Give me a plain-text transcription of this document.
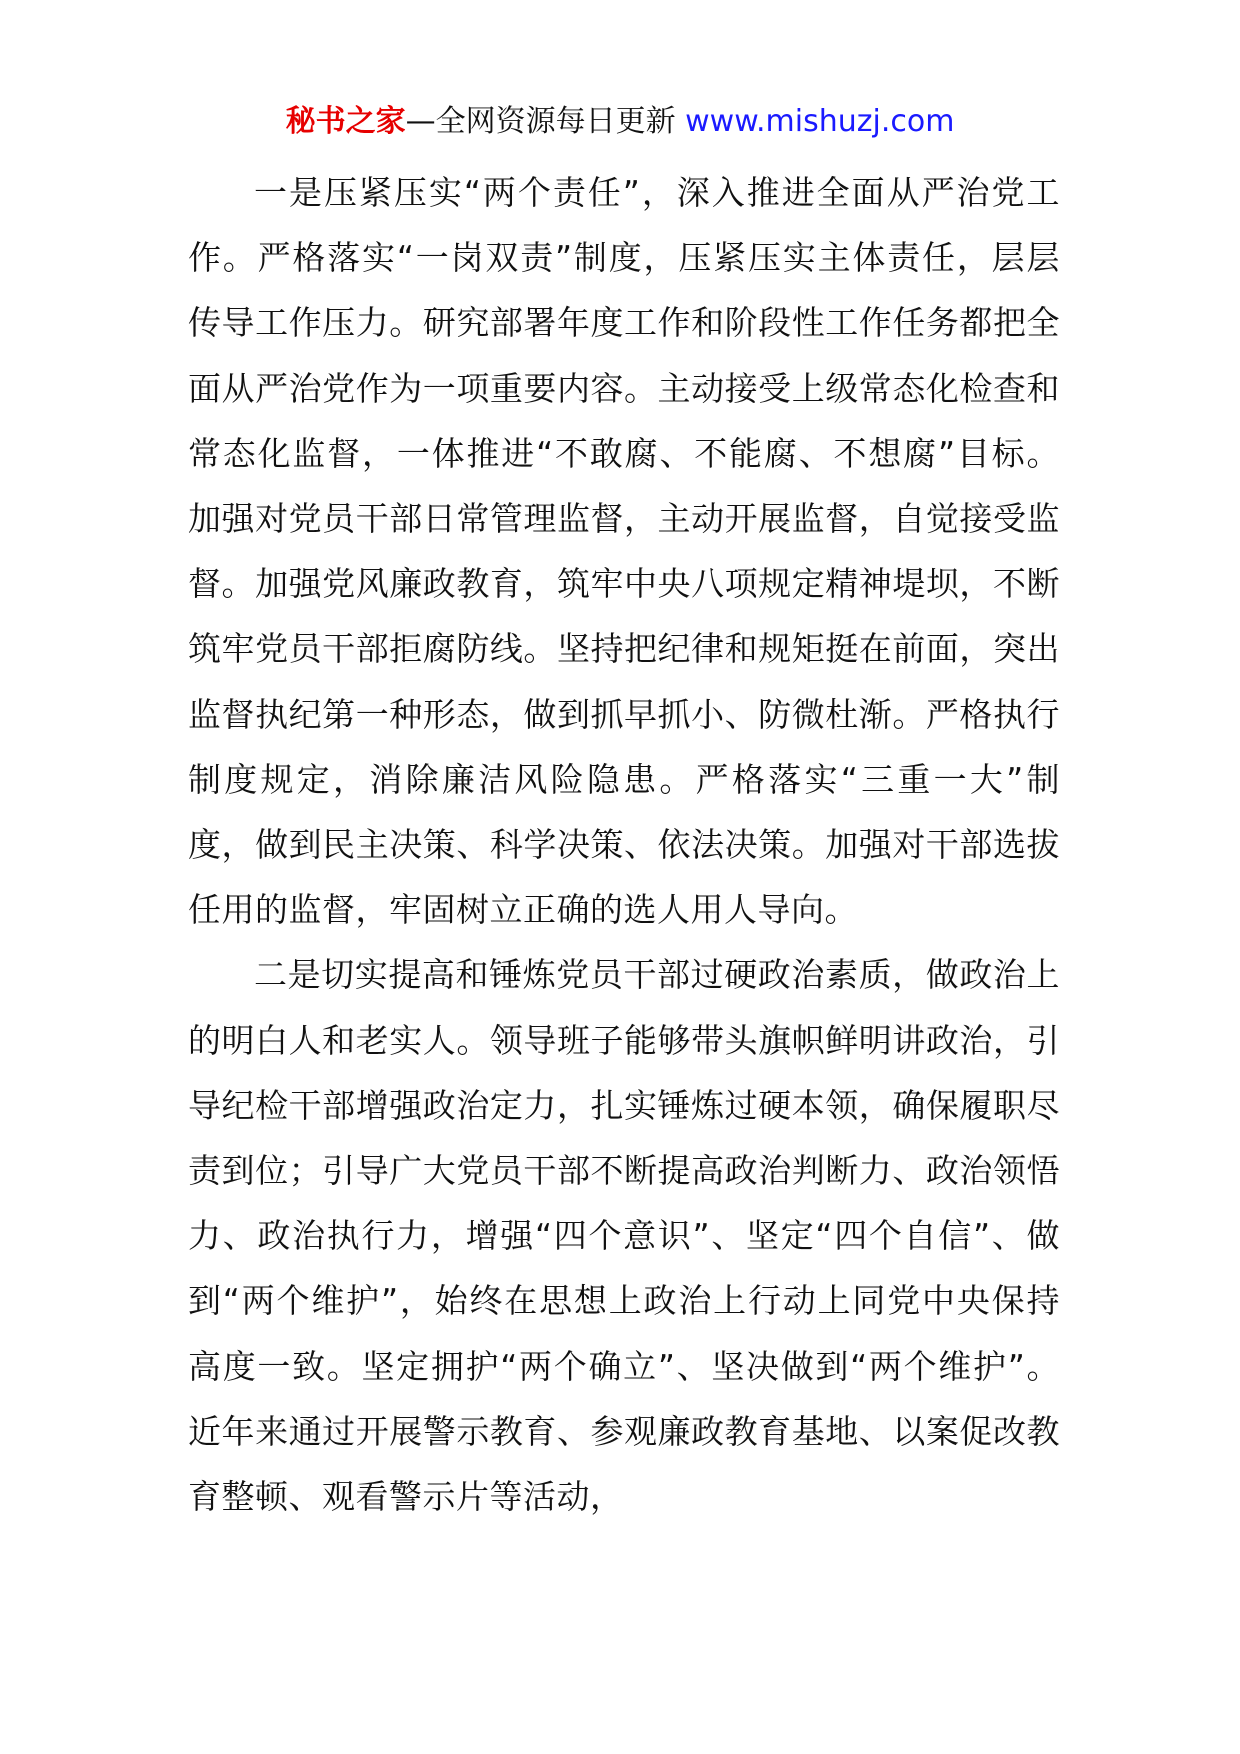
秘书之家—全网资源每日更新 www.mishuzj.com

一是压紧压实“两个责任”，深入推进全面从严治党工作。严格落实“一岗双责”制度，压紧压实主体责任，层层传导工作压力。研究部署年度工作和阶段性工作任务都把全面从严治党作为一项重要内容。主动接受上级常态化检查和常态化监督，一体推进“不敢腐、不能腐、不想腐”目标。加强对党员干部日常管理监督，主动开展监督，自觉接受监督。加强党风廉政教育，筑牢中央八项规定精神堤坝，不断筑牢党员干部拒腐防线。坚持把纪律和规矩挺在前面，突出监督执纪第一种形态，做到抓早抓小、防微杜渐。严格执行制度规定，消除廉洁风险隐患。严格落实“三重一大”制度，做到民主决策、科学决策、依法决策。加强对干部选拔任用的监督，牢固树立正确的选人用人导向。

二是切实提高和锤炼党员干部过硬政治素质，做政治上的明白人和老实人。领导班子能够带头旗帜鲜明讲政治，引导纪检干部增强政治定力，扎实锤炼过硬本领，确保履职尽责到位；引导广大党员干部不断提高政治判断力、政治领悟力、政治执行力，增强“四个意识”、坚定“四个自信”、做到“两个维护”，始终在思想上政治上行动上同党中央保持高度一致。坚定拥护“两个确立”、坚决做到“两个维护”。近年来通过开展警示教育、参观廉政教育基地、以案促改教育整顿、观看警示片等活动，
